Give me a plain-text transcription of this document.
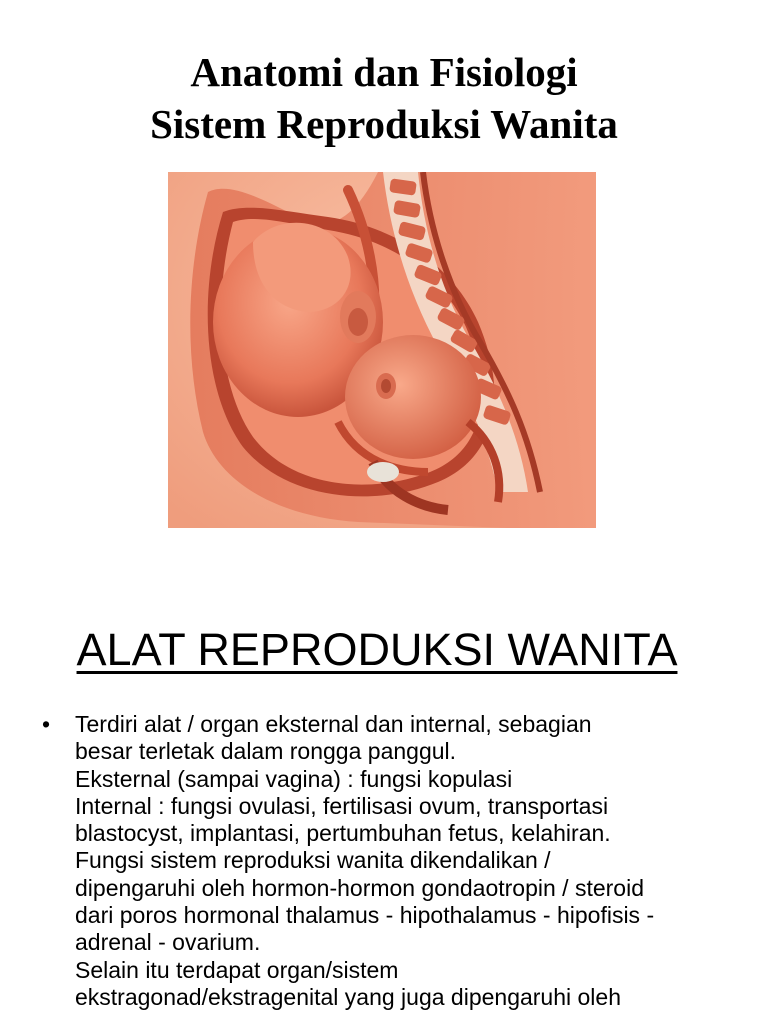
Anatomi dan Fisiologi
Sistem Reproduksi Wanita
ALAT REPRODUKSI WANITA
•	Terdiri alat / organ eksternal dan internal, sebagian
besar terletak dalam rongga panggul.
Eksternal (sampai vagina) : fungsi kopulasi
Internal : fungsi ovulasi, fertilisasi ovum, transportasi
blastocyst, implantasi, pertumbuhan fetus, kelahiran.
Fungsi sistem reproduksi wanita dikendalikan /
dipengaruhi oleh hormon-hormon gondaotropin / steroid
dari poros hormonal thalamus - hipothalamus - hipofisis -
adrenal - ovarium.
Selain itu terdapat organ/sistem
ekstragonad/ekstragenital yang juga dipengaruhi oleh
